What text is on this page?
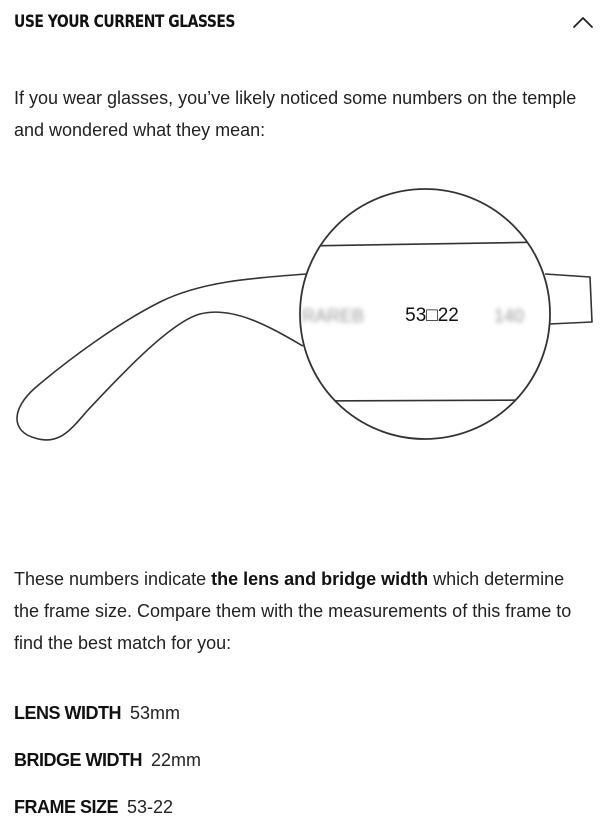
USE YOUR CURRENT GLASSES

If you wear glasses, you’ve likely noticed some numbers on the temple and wondered what they mean:

RAREB	140
53□22

These numbers indicate the lens and bridge width which determine the frame size. Compare them with the measurements of this frame to find the best match for you:

LENS WIDTH 53mm
BRIDGE WIDTH 22mm
FRAME SIZE 53-22
